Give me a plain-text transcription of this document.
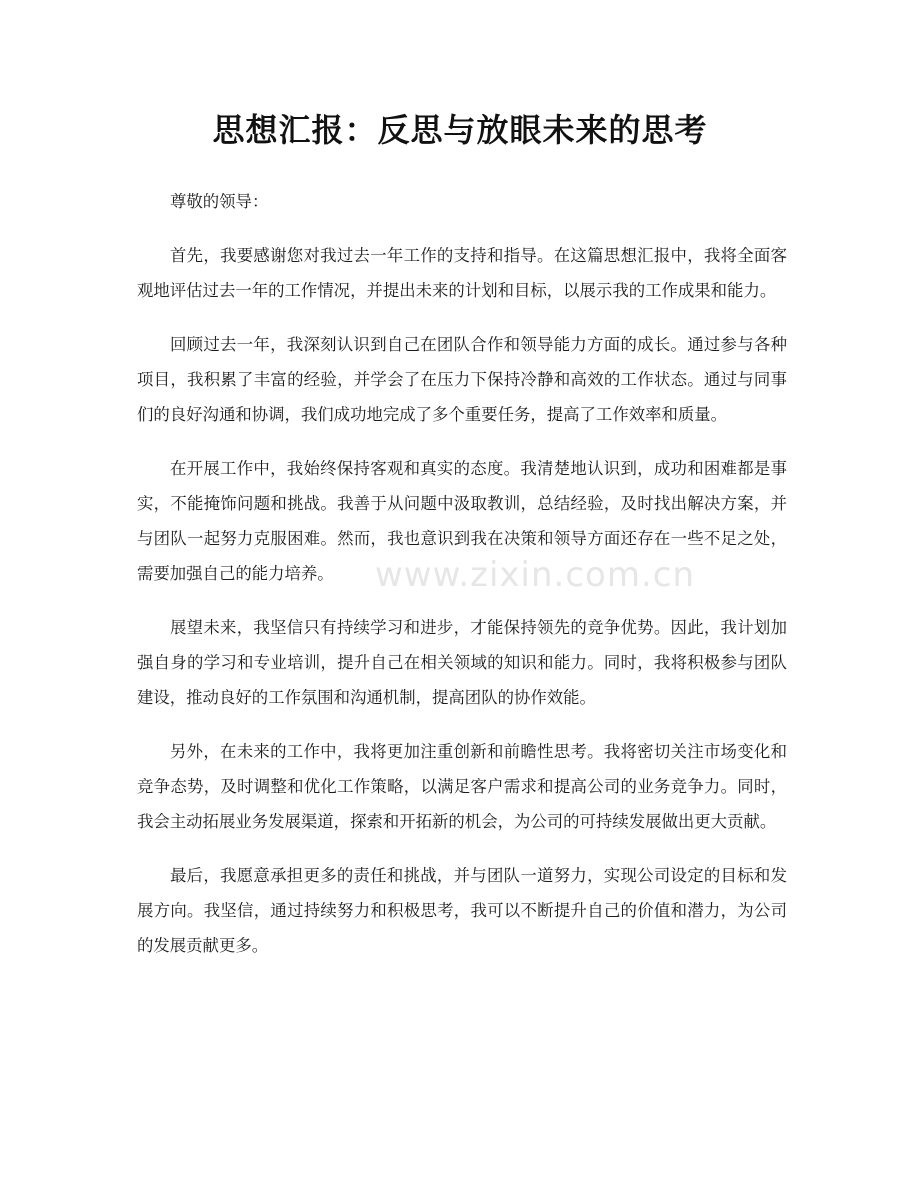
www.zixin.com.cn
思想汇报：反思与放眼未来的思考

尊敬的领导：

首先，我要感谢您对我过去一年工作的支持和指导。在这篇思想汇报中，我将全面客观地评估过去一年的工作情况，并提出未来的计划和目标，以展示我的工作成果和能力。

回顾过去一年，我深刻认识到自己在团队合作和领导能力方面的成长。通过参与各种项目，我积累了丰富的经验，并学会了在压力下保持冷静和高效的工作状态。通过与同事们的良好沟通和协调，我们成功地完成了多个重要任务，提高了工作效率和质量。

在开展工作中，我始终保持客观和真实的态度。我清楚地认识到，成功和困难都是事实，不能掩饰问题和挑战。我善于从问题中汲取教训，总结经验，及时找出解决方案，并与团队一起努力克服困难。然而，我也意识到我在决策和领导方面还存在一些不足之处，需要加强自己的能力培养。

展望未来，我坚信只有持续学习和进步，才能保持领先的竞争优势。因此，我计划加强自身的学习和专业培训，提升自己在相关领域的知识和能力。同时，我将积极参与团队建设，推动良好的工作氛围和沟通机制，提高团队的协作效能。

另外，在未来的工作中，我将更加注重创新和前瞻性思考。我将密切关注市场变化和竞争态势，及时调整和优化工作策略，以满足客户需求和提高公司的业务竞争力。同时，我会主动拓展业务发展渠道，探索和开拓新的机会，为公司的可持续发展做出更大贡献。

最后，我愿意承担更多的责任和挑战，并与团队一道努力，实现公司设定的目标和发展方向。我坚信，通过持续努力和积极思考，我可以不断提升自己的价值和潜力，为公司的发展贡献更多。
